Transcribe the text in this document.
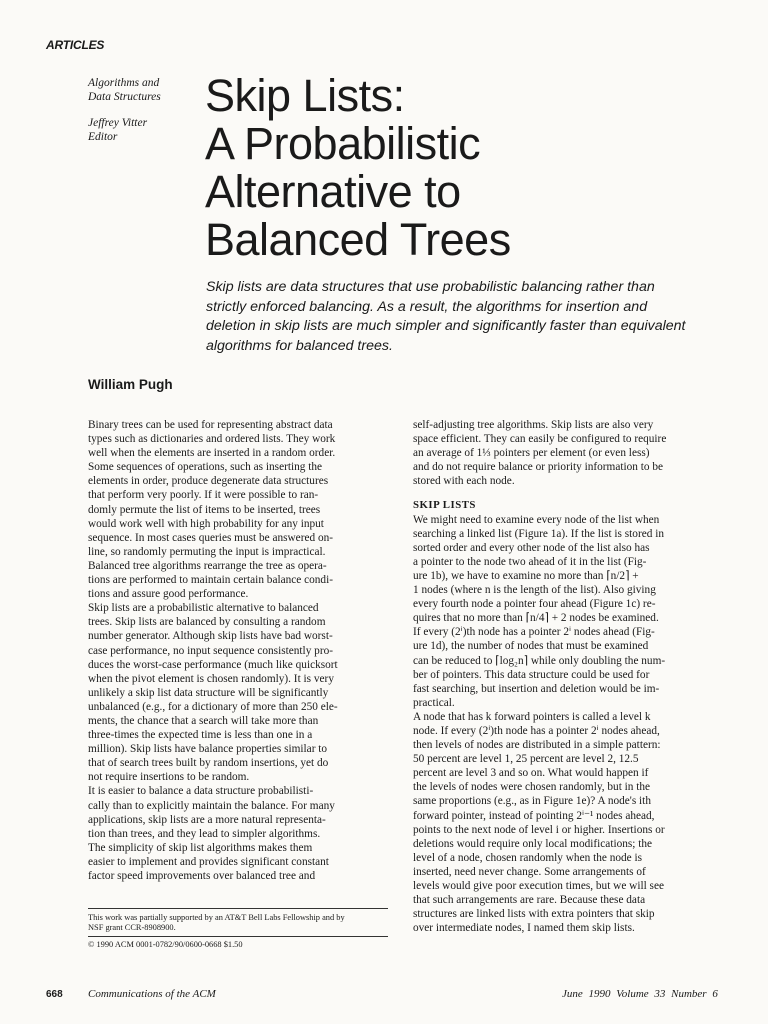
ARTICLES
Algorithms and
Data Structures
Jeffrey Vitter
Editor
Skip Lists:
A Probabilistic
Alternative to
Balanced Trees
Skip lists are data structures that use probabilistic balancing rather than
strictly enforced balancing. As a result, the algorithms for insertion and
deletion in skip lists are much simpler and significantly faster than equivalent
algorithms for balanced trees.
William Pugh

Binary trees can be used for representing abstract data

types such as dictionaries and ordered lists. They work

well when the elements are inserted in a random order.

Some sequences of operations, such as inserting the

elements in order, produce degenerate data structures

that perform very poorly. If it were possible to ran-

domly permute the list of items to be inserted, trees

would work well with high probability for any input

sequence. In most cases queries must be answered on-

line, so randomly permuting the input is impractical.

Balanced tree algorithms rearrange the tree as opera-

tions are performed to maintain certain balance condi-

tions and assure good performance.

Skip lists are a probabilistic alternative to balanced

trees. Skip lists are balanced by consulting a random

number generator. Although skip lists have bad worst-

case performance, no input sequence consistently pro-

duces the worst-case performance (much like quicksort

when the pivot element is chosen randomly). It is very

unlikely a skip list data structure will be significantly

unbalanced (e.g., for a dictionary of more than 250 ele-

ments, the chance that a search will take more than

three-times the expected time is less than one in a

million). Skip lists have balance properties similar to

that of search trees built by random insertions, yet do

not require insertions to be random.

It is easier to balance a data structure probabilisti-

cally than to explicitly maintain the balance. For many

applications, skip lists are a more natural representa-

tion than trees, and they lead to simpler algorithms.

The simplicity of skip list algorithms makes them

easier to implement and provides significant constant

factor speed improvements over balanced tree and

self-adjusting tree algorithms. Skip lists are also very

space efficient. They can easily be configured to require

an average of 1⅓ pointers per element (or even less)

and do not require balance or priority information to be

stored with each node.

SKIP LISTS

We might need to examine every node of the list when

searching a linked list (Figure 1a). If the list is stored in

sorted order and every other node of the list also has

a pointer to the node two ahead of it in the list (Fig-

ure 1b), we have to examine no more than ⌈n/2⌉ +

1 nodes (where n is the length of the list). Also giving

every fourth node a pointer four ahead (Figure 1c) re-

quires that no more than ⌈n/4⌉ + 2 nodes be examined.

If every (2ⁱ)th node has a pointer 2ⁱ nodes ahead (Fig-

ure 1d), the number of nodes that must be examined

can be reduced to ⌈log₂n⌉ while only doubling the num-

ber of pointers. This data structure could be used for

fast searching, but insertion and deletion would be im-

practical.

A node that has k forward pointers is called a level k

node. If every (2ⁱ)th node has a pointer 2ⁱ nodes ahead,

then levels of nodes are distributed in a simple pattern:

50 percent are level 1, 25 percent are level 2, 12.5

percent are level 3 and so on. What would happen if

the levels of nodes were chosen randomly, but in the

same proportions (e.g., as in Figure 1e)? A node's ith

forward pointer, instead of pointing 2ⁱ⁻¹ nodes ahead,

points to the next node of level i or higher. Insertions or

deletions would require only local modifications; the

level of a node, chosen randomly when the node is

inserted, need never change. Some arrangements of

levels would give poor execution times, but we will see

that such arrangements are rare. Because these data

structures are linked lists with extra pointers that skip

over intermediate nodes, I named them skip lists.

This work was partially supported by an AT&T Bell Labs Fellowship and by
NSF grant CCR-8908900.
© 1990 ACM 0001-0782/90/0600-0668 $1.50
668 Communications of the ACM	June 1990 Volume 33 Number 6
